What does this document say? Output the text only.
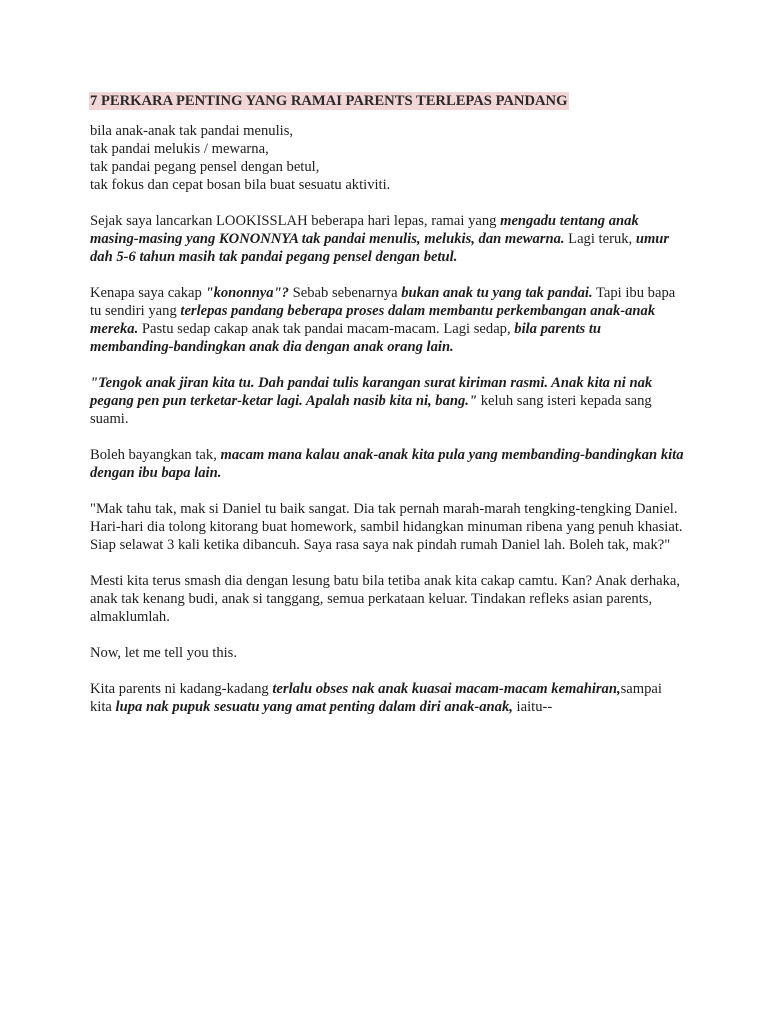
7 PERKARA PENTING YANG RAMAI PARENTS TERLEPAS PANDANG
bila anak-anak tak pandai menulis,
tak pandai melukis / mewarna,
tak pandai pegang pensel dengan betul,
tak fokus dan cepat bosan bila buat sesuatu aktiviti.
Sejak saya lancarkan LOOKISSLAH beberapa hari lepas, ramai yang mengadu tentang anak
masing-masing yang KONONNYA tak pandai menulis, melukis, dan mewarna. Lagi teruk, umur
dah 5-6 tahun masih tak pandai pegang pensel dengan betul.
Kenapa saya cakap "kononnya"? Sebab sebenarnya bukan anak tu yang tak pandai. Tapi ibu bapa
tu sendiri yang terlepas pandang beberapa proses dalam membantu perkembangan anak-anak
mereka. Pastu sedap cakap anak tak pandai macam-macam. Lagi sedap, bila parents tu
membanding-bandingkan anak dia dengan anak orang lain.
"Tengok anak jiran kita tu. Dah pandai tulis karangan surat kiriman rasmi. Anak kita ni nak
pegang pen pun terketar-ketar lagi. Apalah nasib kita ni, bang." keluh sang isteri kepada sang
suami.
Boleh bayangkan tak, macam mana kalau anak-anak kita pula yang membanding-bandingkan kita
dengan ibu bapa lain.
"Mak tahu tak, mak si Daniel tu baik sangat. Dia tak pernah marah-marah tengking-tengking Daniel.
Hari-hari dia tolong kitorang buat homework, sambil hidangkan minuman ribena yang penuh khasiat.
Siap selawat 3 kali ketika dibancuh. Saya rasa saya nak pindah rumah Daniel lah. Boleh tak, mak?"
Mesti kita terus smash dia dengan lesung batu bila tetiba anak kita cakap camtu. Kan? Anak derhaka,
anak tak kenang budi, anak si tanggang, semua perkataan keluar. Tindakan refleks asian parents,
almaklumlah.
Now, let me tell you this.
Kita parents ni kadang-kadang terlalu obses nak anak kuasai macam-macam kemahiran,sampai
kita lupa nak pupuk sesuatu yang amat penting dalam diri anak-anak, iaitu--
